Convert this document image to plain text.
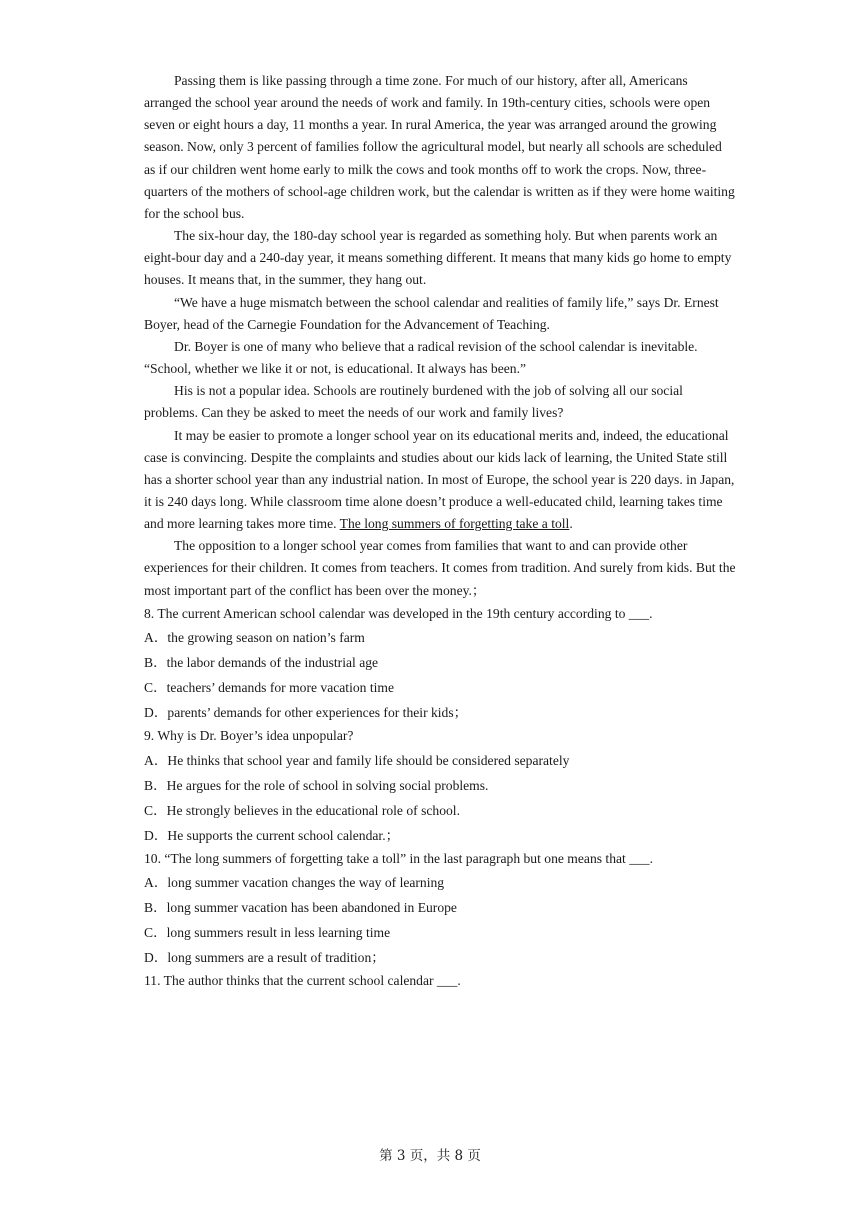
Passing them is like passing through a time zone. For much of our history, after all, Americans arranged the school year around the needs of work and family. In 19th-century cities, schools were open seven or eight hours a day, 11 months a year. In rural America, the year was arranged around the growing season. Now, only 3 percent of families follow the agricultural model, but nearly all schools are scheduled as if our children went home early to milk the cows and took months off to work the crops. Now, three-quarters of the mothers of school-age children work, but the calendar is written as if they were home waiting for the school bus.

The six-hour day, the 180-day school year is regarded as something holy. But when parents work an eight-bour day and a 240-day year, it means something different. It means that many kids go home to empty houses. It means that, in the summer, they hang out.

“We have a huge mismatch between the school calendar and realities of family life,” says Dr. Ernest Boyer, head of the Carnegie Foundation for the Advancement of Teaching.

Dr. Boyer is one of many who believe that a radical revision of the school calendar is inevitable. “School, whether we like it or not, is educational. It always has been.”

His is not a popular idea. Schools are routinely burdened with the job of solving all our social problems. Can they be asked to meet the needs of our work and family lives?

It may be easier to promote a longer school year on its educational merits and, indeed, the educational case is convincing. Despite the complaints and studies about our kids lack of learning, the United State still has a shorter school year than any industrial nation. In most of Europe, the school year is 220 days. in Japan, it is 240 days long. While classroom time alone doesn’t produce a well-educated child, learning takes time and more learning takes more time. The long summers of forgetting take a toll.

The opposition to a longer school year comes from families that want to and can provide other experiences for their children. It comes from teachers. It comes from tradition. And surely from kids. But the most important part of the conflict has been over the money.；

8. The current American school calendar was developed in the 19th century according to ___.

A．the growing season on nation’s farm

B．the labor demands of the industrial age

C．teachers’ demands for more vacation time

D．parents’ demands for other experiences for their kids；

9. Why is Dr. Boyer’s idea unpopular?

A．He thinks that school year and family life should be considered separately

B．He argues for the role of school in solving social problems.

C．He strongly believes in the educational role of school.

D．He supports the current school calendar.；

10. “The long summers of forgetting take a toll” in the last paragraph but one means that ___.

A．long summer vacation changes the way of learning

B．long summer vacation has been abandoned in Europe

C．long summers result in less learning time

D．long summers are a result of tradition；

11. The author thinks that the current school calendar ___.

第 3 页，共 8 页
